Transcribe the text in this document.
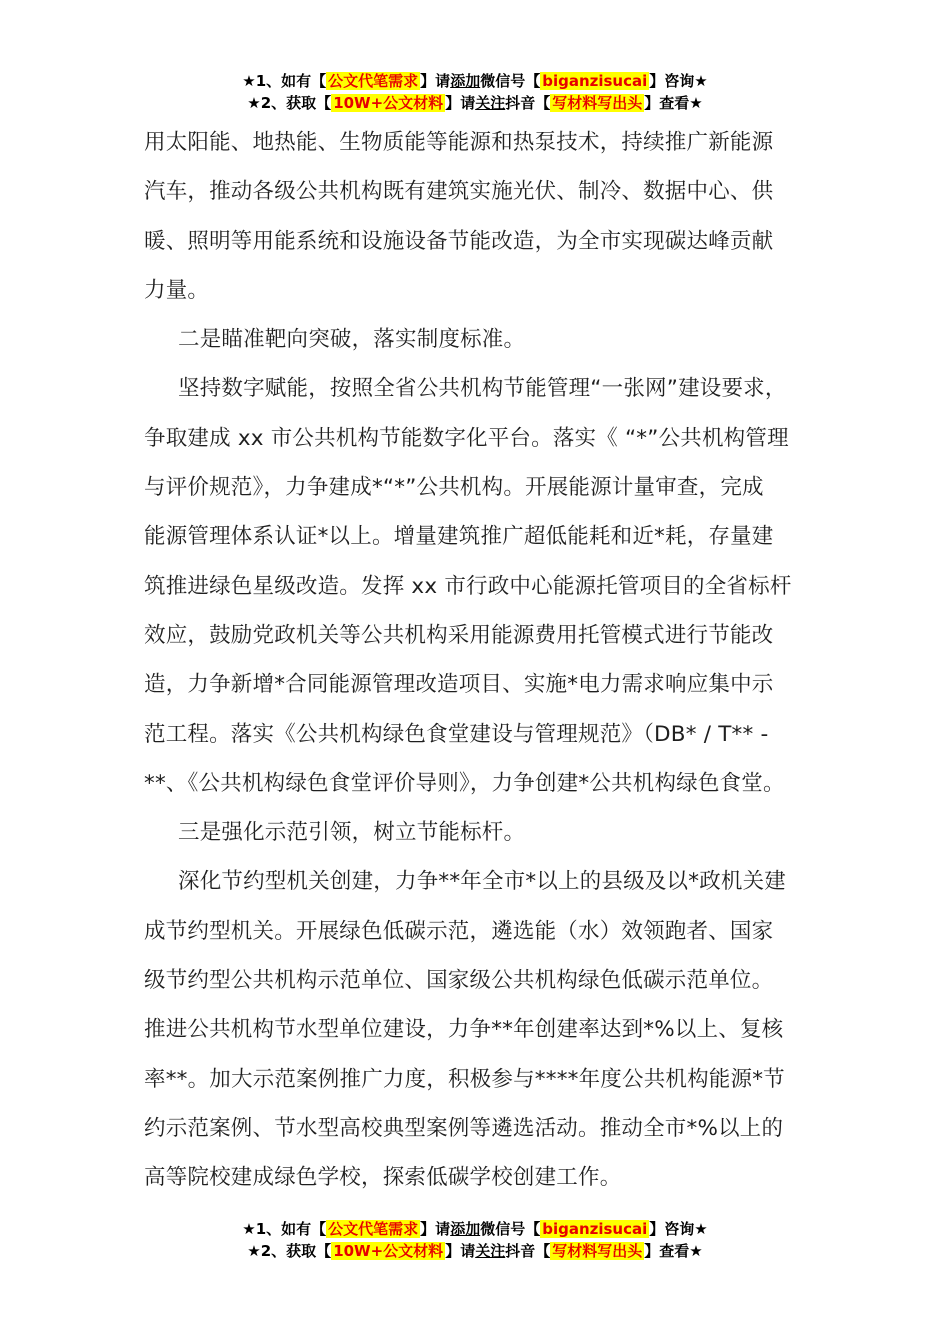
★1、如有【 公文代笔需求 】请添加微信号【 biganzisucai 】咨询★
★2、获取【 10W+公文材料 】请关注抖音【 写材料写出头 】查看★
用太阳能、地热能、生物质能等能源和热泵技术，持续推广新能源
汽车，推动各级公共机构既有建筑实施光伏、制冷、数据中心、供
暖、照明等用能系统和设施设备节能改造，为全市实现碳达峰贡献
力量。
二是瞄准靶向突破，落实制度标准。
坚持数字赋能，按照全省公共机构节能管理“一张网”建设要求，
争取建成 xx 市公共机构节能数字化平台。落实《 “*”公共机构管理
与评价规范》，力争建成*“*”公共机构。开展能源计量审查，完成
能源管理体系认证*以上。增量建筑推广超低能耗和近*耗，存量建
筑推进绿色星级改造。发挥 xx 市行政中心能源托管项目的全省标杆
效应，鼓励党政机关等公共机构采用能源费用托管模式进行节能改
造，力争新增*合同能源管理改造项目、实施*电力需求响应集中示
范工程。落实《公共机构绿色食堂建设与管理规范》（DB* / T** -
**、《公共机构绿色食堂评价导则》，力争创建*公共机构绿色食堂。
三是强化示范引领，树立节能标杆。
深化节约型机关创建，力争**年全市*以上的县级及以*政机关建
成节约型机关。开展绿色低碳示范，遴选能（水）效领跑者、国家
级节约型公共机构示范单位、国家级公共机构绿色低碳示范单位。
推进公共机构节水型单位建设，力争**年创建率达到*%以上、复核
率**。加大示范案例推广力度，积极参与****年度公共机构能源*节
约示范案例、节水型高校典型案例等遴选活动。推动全市*%以上的
高等院校建成绿色学校，探索低碳学校创建工作。
★1、如有【 公文代笔需求 】请添加微信号【 biganzisucai 】咨询★
★2、获取【 10W+公文材料 】请关注抖音【 写材料写出头 】查看★
